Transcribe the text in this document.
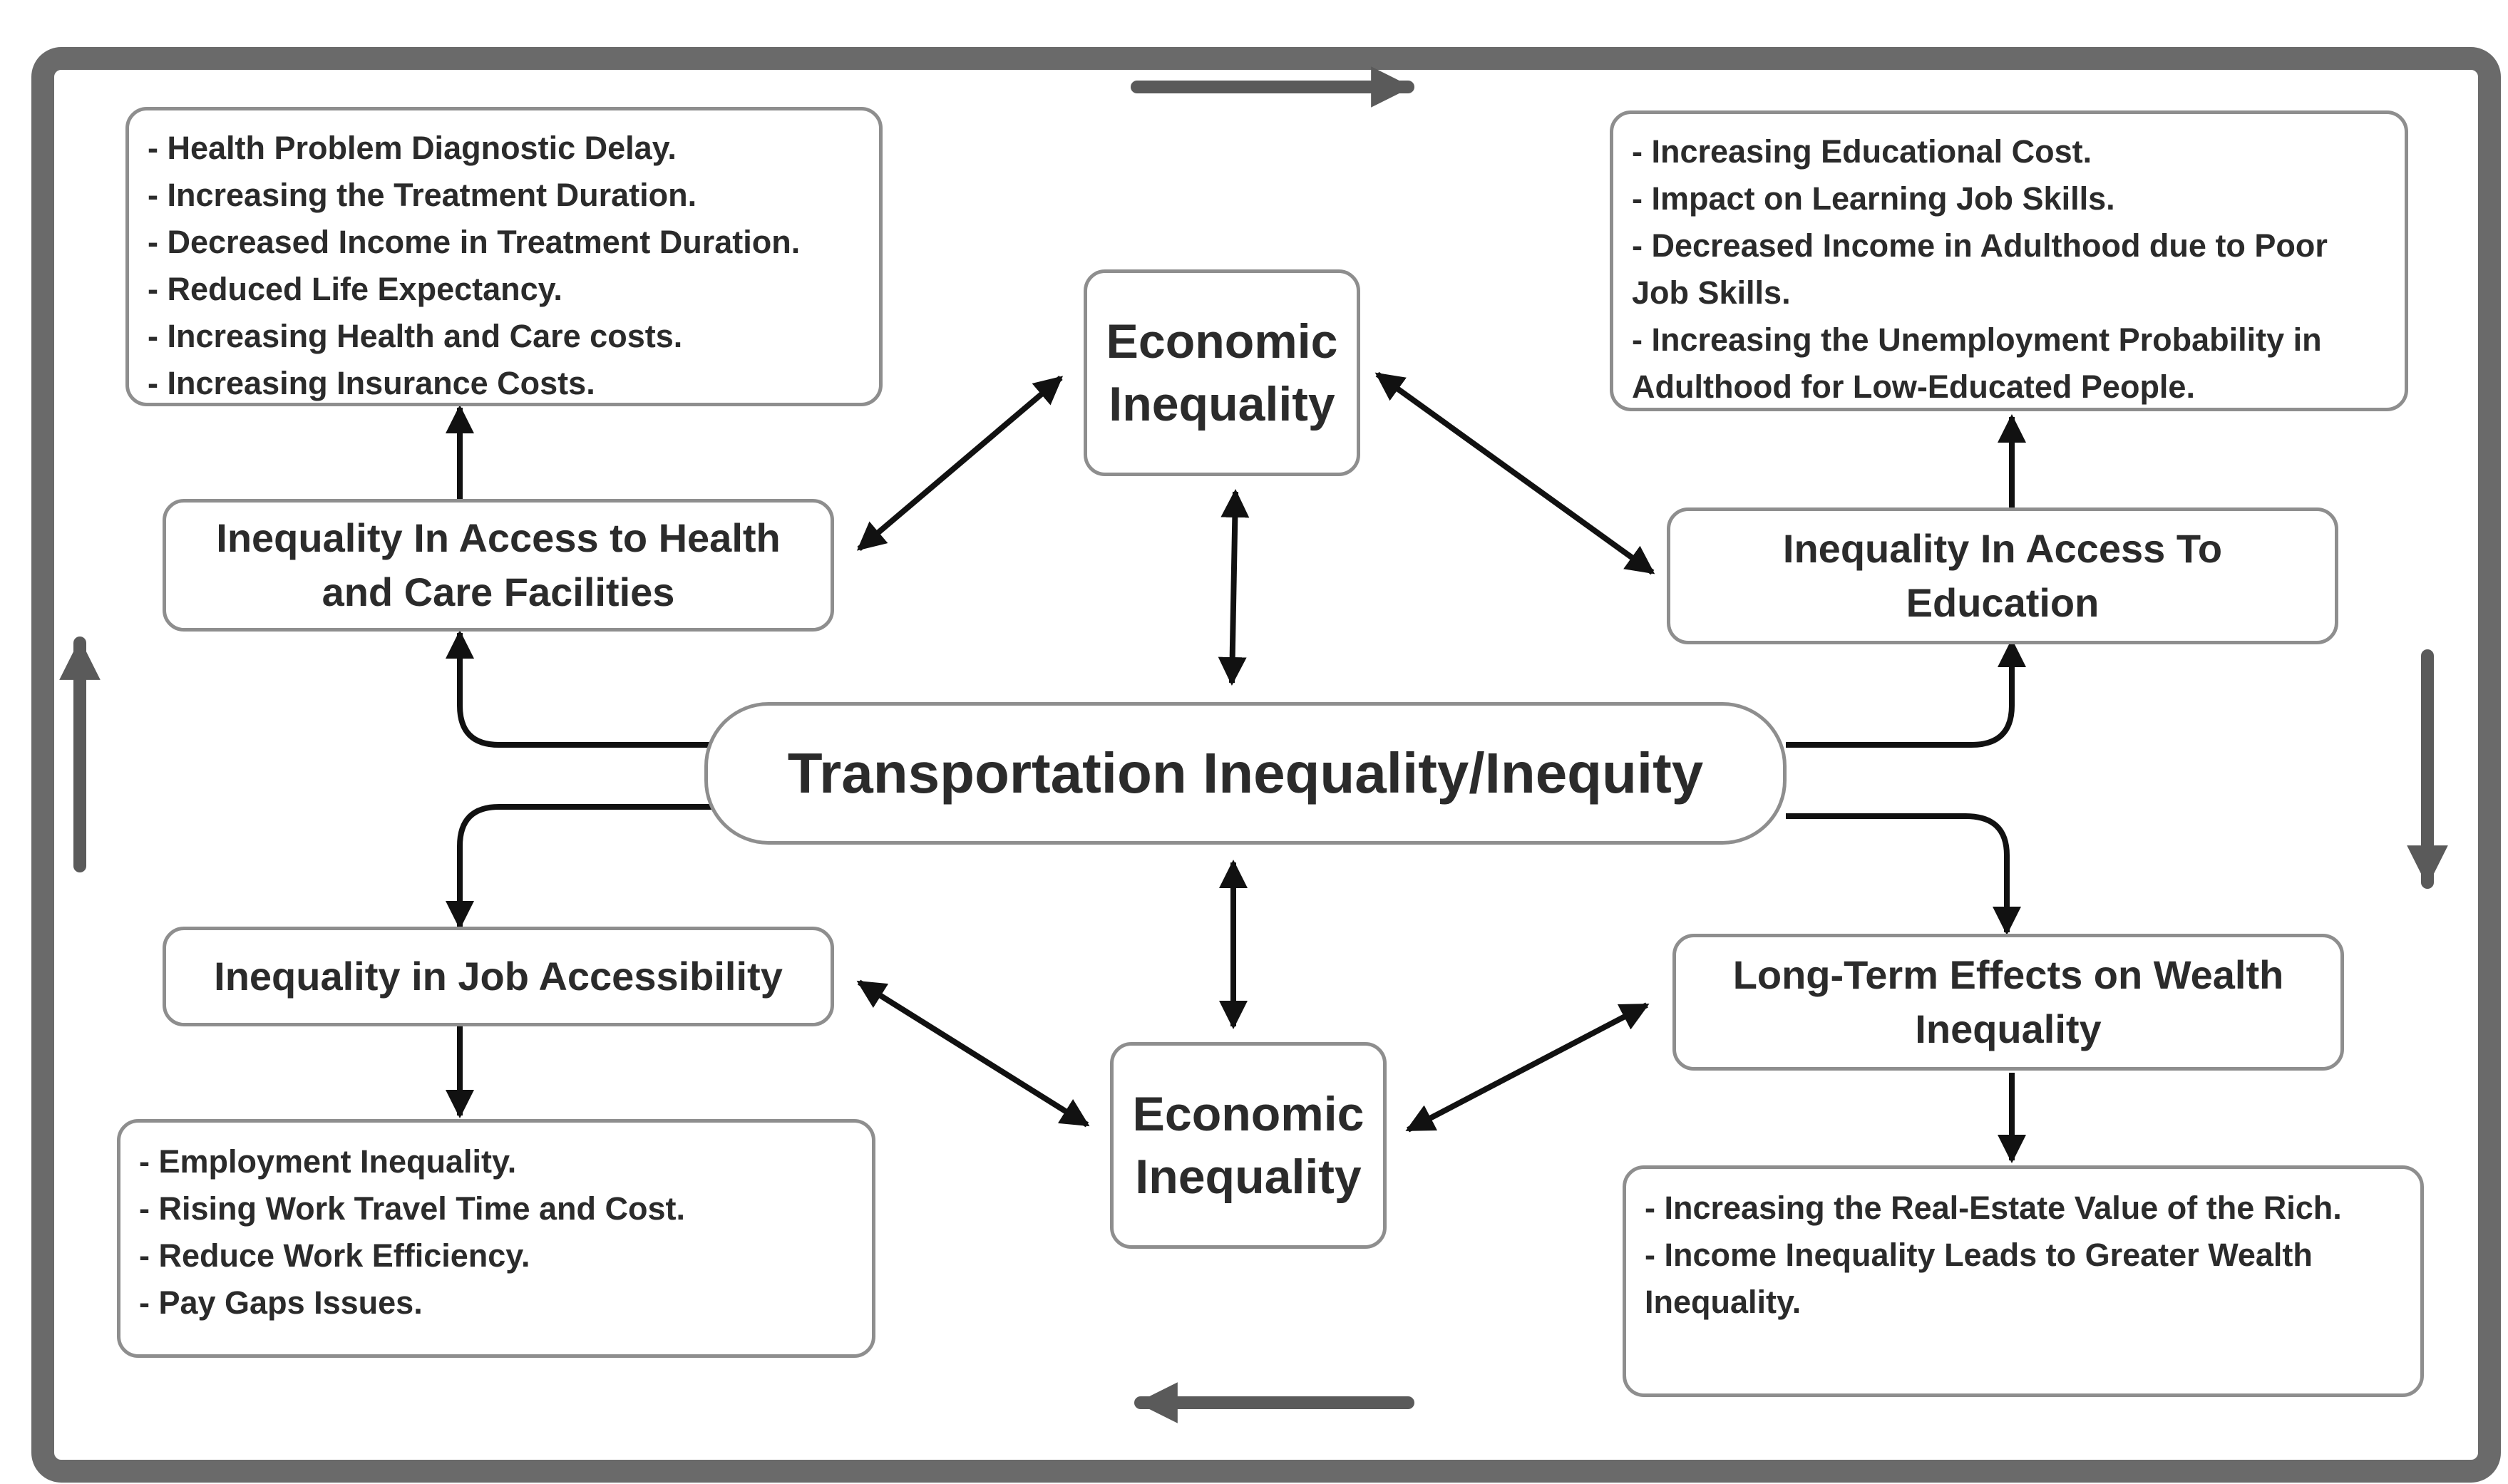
- Health Problem Diagnostic Delay.
- Increasing the Treatment Duration.
- Decreased Income in Treatment Duration.
- Reduced Life Expectancy.
- Increasing Health and Care costs.
- Increasing Insurance Costs.
- Increasing Educational Cost.
- Impact on Learning Job Skills.
- Decreased Income in Adulthood due to Poor
Job Skills.
- Increasing the Unemployment Probability in
Adulthood for Low-Educated People.
- Employment Inequality.
- Rising Work Travel Time and Cost.
- Reduce Work Efficiency.
- Pay Gaps Issues.
- Increasing the Real-Estate Value of the Rich.
- Income Inequality Leads to Greater Wealth
Inequality.
Economic Inequality
Economic Inequality
Inequality In Access to Health and Care Facilities
Inequality In Access To Education
Inequality in Job Accessibility	Long-Term Effects on Wealth Inequality
Transportation Inequality/Inequity
